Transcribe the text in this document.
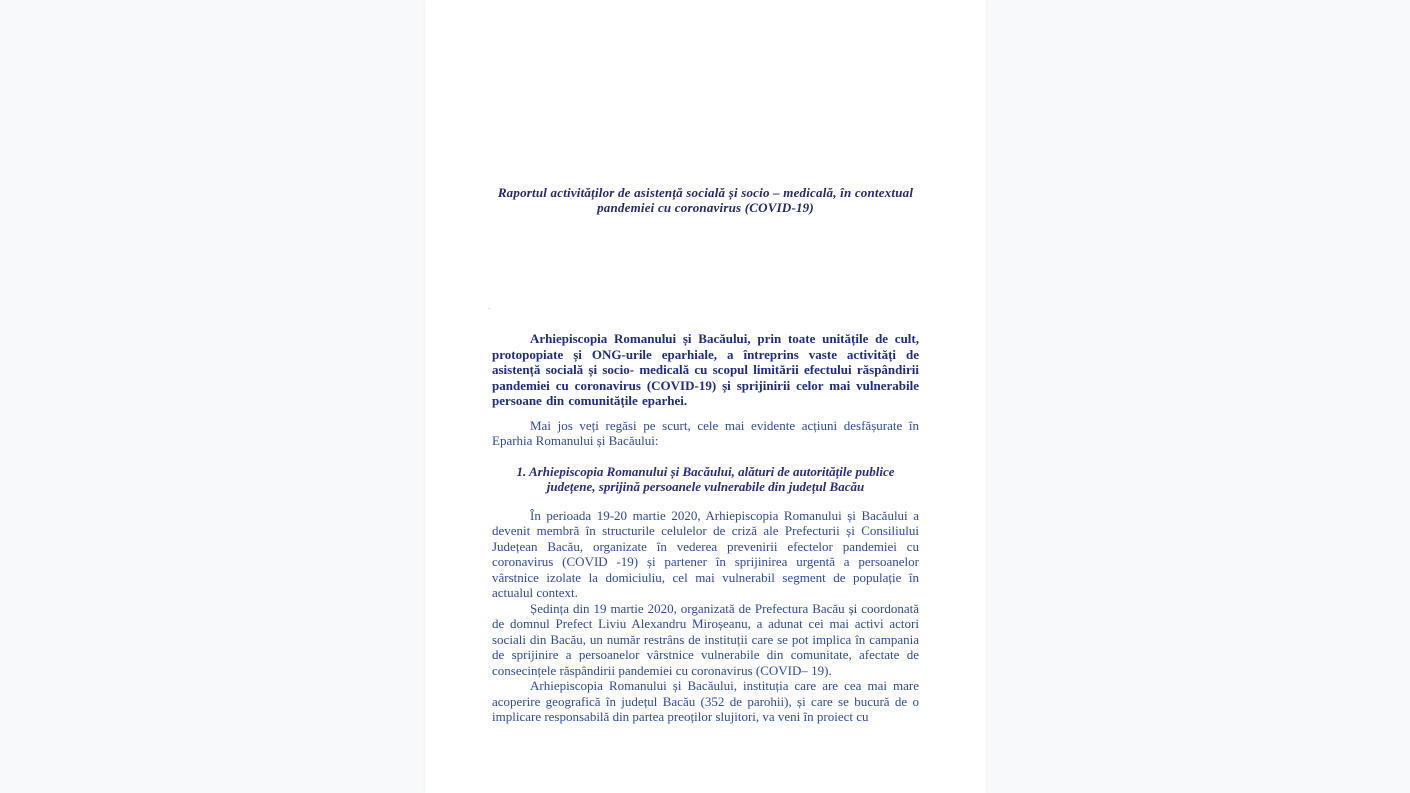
.
Raportul activităților de asistență socială și socio – medicală, în contextual
pandemiei cu coronavirus (COVID-19)

Arhiepiscopia Romanului și Bacăului, prin toate unitățile de cult, protopopiate și ONG-urile eparhiale, a întreprins vaste activități de asistență socială și socio- medicală cu scopul limitării efectului răspândirii pandemiei cu coronavirus (COVID-19) și sprijinirii celor mai vulnerabile persoane din comunitățile eparhei.

Mai jos veți regăsi pe scurt, cele mai evidente acțiuni desfășurate în Eparhia Romanului și Bacăului:

1. Arhiepiscopia Romanului și Bacăului, alături de autoritățile publice
județene, sprijină persoanele vulnerabile din județul Bacău

În perioada 19-20 martie 2020, Arhiepiscopia Romanului și Bacăului a devenit membră în structurile celulelor de criză ale Prefecturii și Consiliului Județean Bacău, organizate în vederea prevenirii efectelor pandemiei cu coronavirus (COVID -19) și partener în sprijinirea urgentă a persoanelor vârstnice izolate la domiciuliu, cel mai vulnerabil segment de populație în actualul context.

Ședința din 19 martie 2020, organizată de Prefectura Bacău și coordonată de domnul Prefect Liviu Alexandru Miroșeanu, a adunat cei mai activi actori sociali din Bacău, un număr restrâns de instituții care se pot implica în campania de sprijinire a persoanelor vârstnice vulnerabile din comunitate, afectate de consecințele răspândirii pandemiei cu coronavirus (COVID– 19).

Arhiepiscopia Romanului și Bacăului, instituția care are cea mai mare acoperire geografică în județul Bacău (352 de parohii), și care se bucură de o implicare responsabilă din partea preoților slujitori, va veni în proiect cu
